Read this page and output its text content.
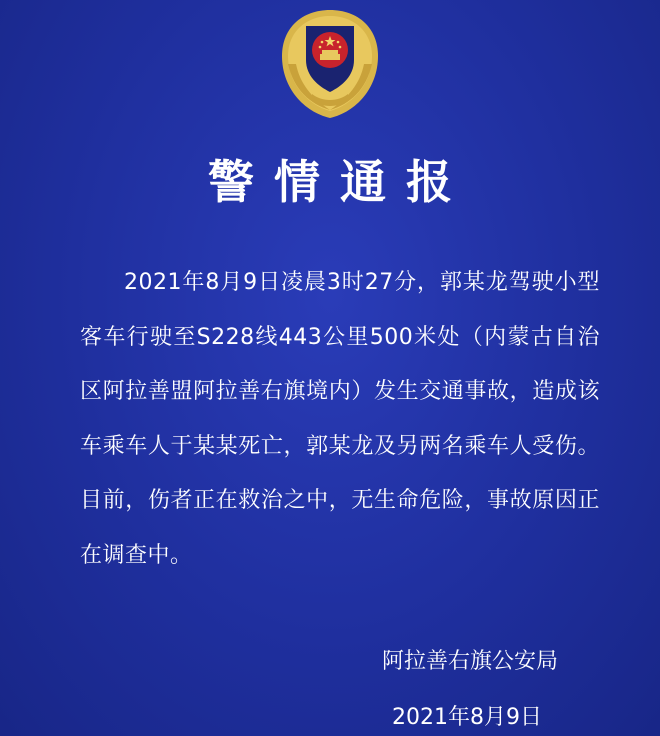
警情通报
2021年8月9日凌晨3时27分，郭某龙驾驶小型客车行驶至S228线443公里500米处（内蒙古自治区阿拉善盟阿拉善右旗境内）发生交通事故，造成该车乘车人于某某死亡，郭某龙及另两名乘车人受伤。目前，伤者正在救治之中，无生命危险，事故原因正在调查中。
阿拉善右旗公安局
2021年8月9日
